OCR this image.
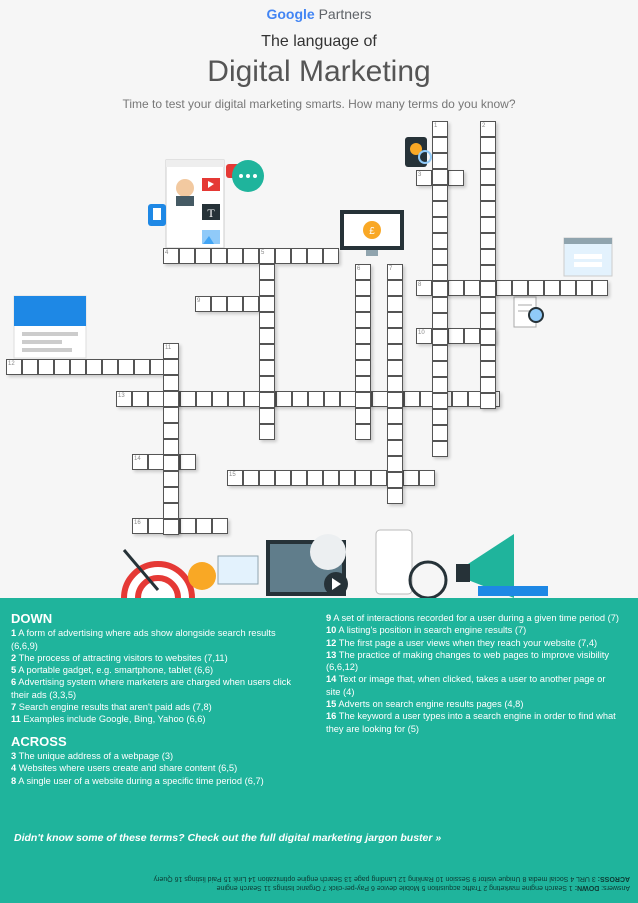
Google Partners
The language of
Digital Marketing
Time to test your digital marketing smarts. How many terms do you know?
T
£
1	2
3
4	5
6	7
8
9
10
11
12
13
14
15
16
DOWN

1 A form of advertising where ads show alongside search results (6,6,9)

2 The process of attracting visitors to websites (7,11)

5 A portable gadget, e.g. smartphone, tablet (6,6)

6 Advertising system where marketers are charged when users click their ads (3,3,5)

7 Search engine results that aren't paid ads (7,8)

11 Examples include Google, Bing, Yahoo (6,6)

ACROSS

3 The unique address of a webpage (3)

4 Websites where users create and share content (6,5)

8 A single user of a website during a specific time period (6,7)

9 A set of interactions recorded for a user during a given time period (7)

10 A listing's position in search engine results (7)

12 The first page a user views when they reach your website (7,4)

13 The practice of making changes to web pages to improve visibility (6,6,12)

14 Text or image that, when clicked, takes a user to another page or site (4)

15 Adverts on search engine results pages (4,8)

16 The keyword a user types into a search engine in order to find what they are looking for (5)

Didn't know some of these terms? Check out the full digital marketing jargon buster »
Answers: DOWN: 1 Search engine marketing 2 Traffic acquisition 5 Mobile device 6 Pay-per-click 7 Organic listings 11 Search engine
ACROSS: 3 URL 4 Social media 8 Unique visitor 9 Session 10 Ranking 12 Landing page 13 Search engine optimization 14 Link 15 Paid listings 16 Query
